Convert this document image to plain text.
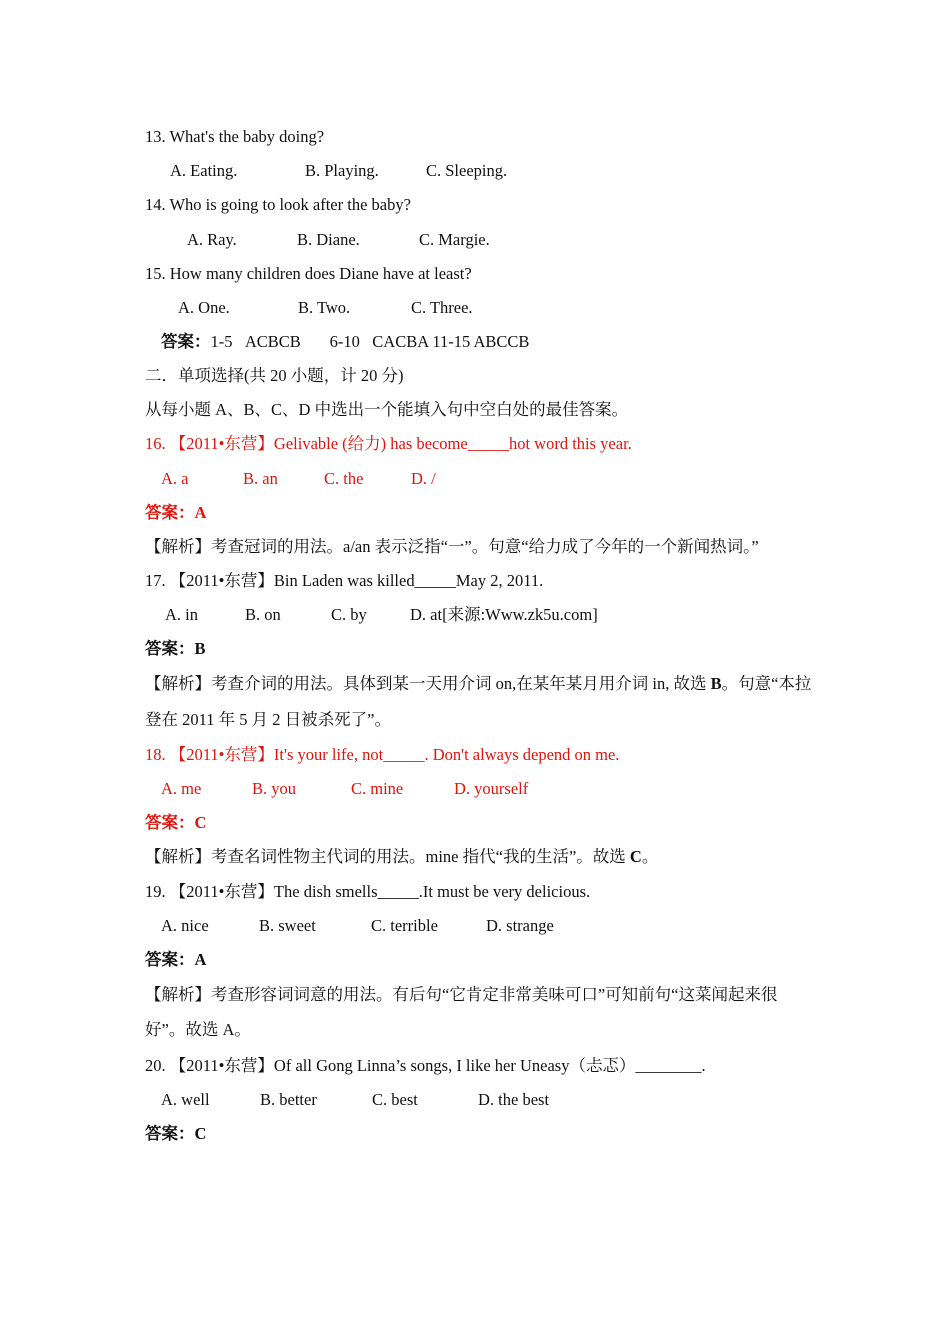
13. What's the baby doing?
A. Eating.	B. Playing.	C. Sleeping.
14. Who is going to look after the baby?
A. Ray.	B. Diane.	C. Margie.
15. How many children does Diane have at least?
A. One.	B. Two.	C. Three.
答案：1-5   ACBCB       6-10   CACBA 11-15 ABCCB
二．单项选择(共 20 小题，计 20 分)
从每小题 A、B、C、D 中选出一个能填入句中空白处的最佳答案。
16. 【2011•东营】Gelivable (给力) has become_____hot word this year.
A. a	B. an	C. the	D. /
答案：A
【解析】考查冠词的用法。a/an 表示泛指“一”。句意“给力成了今年的一个新闻热词。”
17. 【2011•东营】Bin Laden was killed_____May 2, 2011.
A. in	B. on	C. by	D. at[来源:Www.zk5u.com]
答案：B
【解析】考查介词的用法。具体到某一天用介词 on,在某年某月用介词 in, 故选 B。句意“本拉
登在 2011 年 5 月 2 日被杀死了”。
18. 【2011•东营】It's your life, not_____. Don't always depend on me.
A. me	B. you	C. mine	D. yourself
答案：C
【解析】考查名词性物主代词的用法。mine 指代“我的生活”。故选 C。
19. 【2011•东营】The dish smells_____.It must be very delicious.
A. nice	B. sweet	C. terrible	D. strange
答案：A
【解析】考查形容词词意的用法。有后句“它肯定非常美味可口”可知前句“这菜闻起来很
好”。故选 A。
20. 【2011•东营】Of all Gong Linna’s songs, I like her Uneasy（忐忑）________.
A. well	B. better	C. best	D. the best
答案：C
